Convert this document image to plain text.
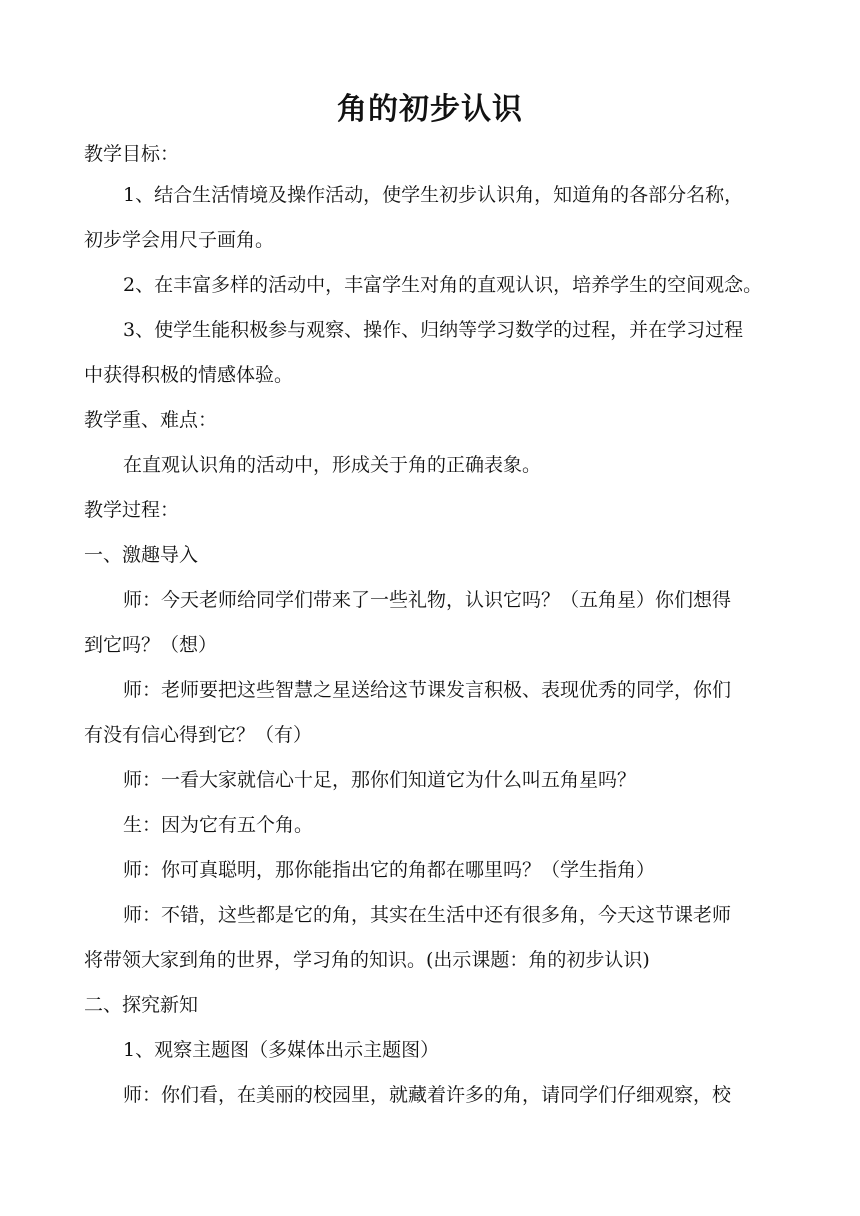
角的初步认识
教学目标：
1、结合生活情境及操作活动，使学生初步认识角，知道角的各部分名称，
初步学会用尺子画角。
2、在丰富多样的活动中，丰富学生对角的直观认识，培养学生的空间观念。
3、使学生能积极参与观察、操作、归纳等学习数学的过程，并在学习过程
中获得积极的情感体验。
教学重、难点：
在直观认识角的活动中，形成关于角的正确表象。
教学过程：
一、激趣导入
师：今天老师给同学们带来了一些礼物，认识它吗？（五角星）你们想得
到它吗？（想）
师：老师要把这些智慧之星送给这节课发言积极、表现优秀的同学，你们
有没有信心得到它？（有）
师：一看大家就信心十足，那你们知道它为什么叫五角星吗？
生：因为它有五个角。
师：你可真聪明，那你能指出它的角都在哪里吗？（学生指角）
师：不错，这些都是它的角，其实在生活中还有很多角，今天这节课老师
将带领大家到角的世界，学习角的知识。(出示课题：角的初步认识)
二、探究新知
1、观察主题图（多媒体出示主题图）
师：你们看，在美丽的校园里，就藏着许多的角，请同学们仔细观察，校
